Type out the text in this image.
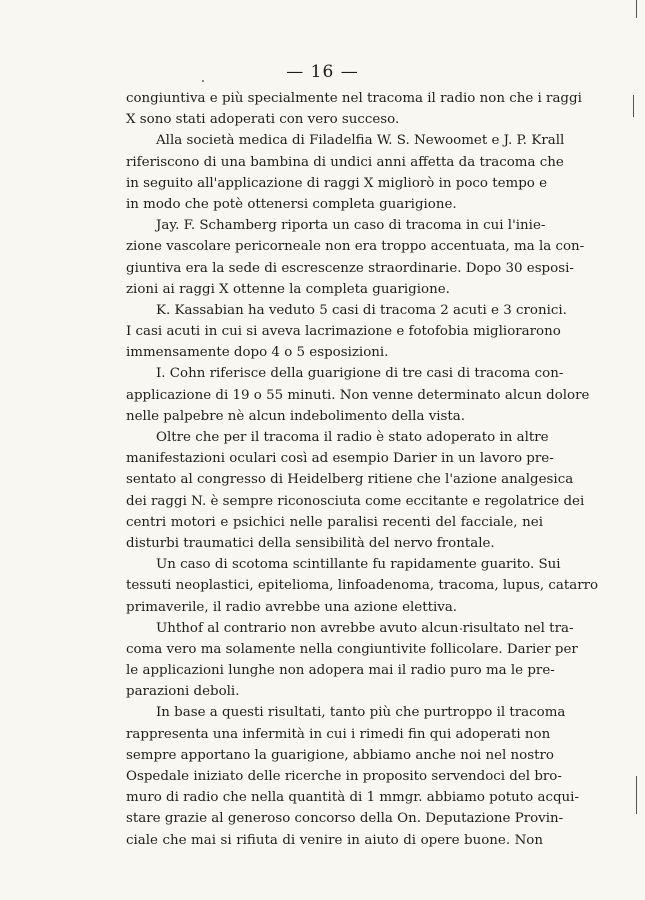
— 16 —
congiuntiva e più specialmente nel tracoma il radio non che i raggi
X sono stati adoperati con vero succeso.
Alla società medica di Filadelfia W. S. Newoomet e J. P. Krall
riferiscono di una bambina di undici anni affetta da tracoma che
in seguito all'applicazione di raggi X migliorò in poco tempo e
in modo che potè ottenersi completa guarigione.
Jay. F. Schamberg riporta un caso di tracoma in cui l'inie-
zione vascolare pericorneale non era troppo accentuata, ma la con-
giuntiva era la sede di escrescenze straordinarie. Dopo 30 esposi-
zioni ai raggi X ottenne la completa guarigione.
K. Kassabian ha veduto 5 casi di tracoma 2 acuti e 3 cronici.
I casi acuti in cui si aveva lacrimazione e fotofobia migliorarono
immensamente dopo 4 o 5 esposizioni.
I. Cohn riferisce della guarigione di tre casi di tracoma con-
applicazione di 19 o 55 minuti. Non venne determinato alcun dolore
nelle palpebre nè alcun indebolimento della vista.
Oltre che per il tracoma il radio è stato adoperato in altre
manifestazioni oculari così ad esempio Darier in un lavoro pre-
sentato al congresso di Heidelberg ritiene che l'azione analgesica
dei raggi N. è sempre riconosciuta come eccitante e regolatrice dei
centri motori e psichici nelle paralisi recenti del facciale, nei
disturbi traumatici della sensibilità del nervo frontale.
Un caso di scotoma scintillante fu rapidamente guarito. Sui
tessuti neoplastici, epitelioma, linfoadenoma, tracoma, lupus, catarro
primaverile, il radio avrebbe una azione elettiva.
Uhthof al contrario non avrebbe avuto alcun risultato nel tra-
coma vero ma solamente nella congiuntivite follicolare. Darier per
le applicazioni lunghe non adopera mai il radio puro ma le pre-
parazioni deboli.
In base a questi risultati, tanto più che purtroppo il tracoma
rappresenta una infermità in cui i rimedi fin qui adoperati non
sempre apportano la guarigione, abbiamo anche noi nel nostro
Ospedale iniziato delle ricerche in proposito servendoci del bro-
muro di radio che nella quantità di 1 mmgr. abbiamo potuto acqui-
stare grazie al generoso concorso della On. Deputazione Provin-
ciale che mai si rifiuta di venire in aiuto di opere buone. Non
